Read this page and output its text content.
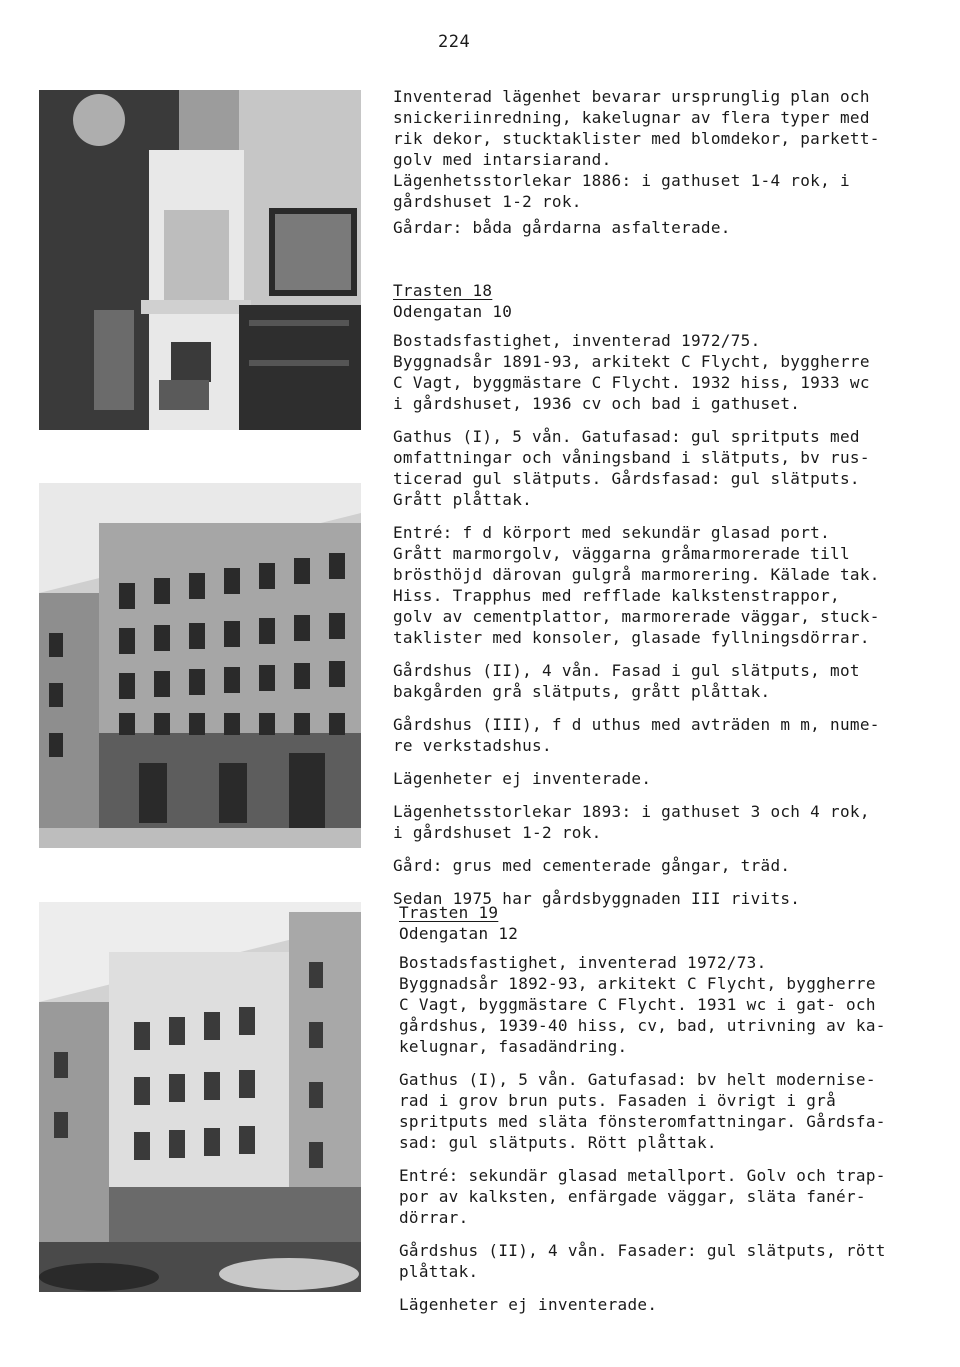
224

Inventerad lägenhet bevarar ursprunglig plan och

snickeriinredning, kakelugnar av flera typer med

rik dekor, stucktaklister med blomdekor, parkett-

golv med intarsiarand.

Lägenhetsstorlekar 1886: i gathuset 1-4 rok, i

gårdshuset 1-2 rok.

Gårdar: båda gårdarna asfalterade.

Trasten 18

Odengatan 10

Bostadsfastighet, inventerad 1972/75.

Byggnadsår 1891-93, arkitekt C Flycht, byggherre

C Vagt, byggmästare C Flycht. 1932 hiss, 1933 wc

i gårdshuset, 1936 cv och bad i gathuset.

Gathus (I), 5 vån. Gatufasad: gul spritputs med

omfattningar och våningsband i slätputs, bv rus-

ticerad gul slätputs. Gårdsfasad: gul slätputs.

Grått plåttak.

Entré: f d körport med sekundär glasad port.

Grått marmorgolv, väggarna gråmarmorerade till

brösthöjd därovan gulgrå marmorering. Kälade tak.

Hiss. Trapphus med refflade kalkstenstrappor,

golv av cementplattor, marmorerade väggar, stuck-

taklister med konsoler, glasade fyllningsdörrar.

Gårdshus (II), 4 vån. Fasad i gul slätputs, mot

bakgården grå slätputs, grått plåttak.

Gårdshus (III), f d uthus med avträden m m, nume-

re verkstadshus.

Lägenheter ej inventerade.

Lägenhetsstorlekar 1893: i gathuset 3 och 4 rok,

i gårdshuset 1-2 rok.

Gård: grus med cementerade gångar, träd.

Sedan 1975 har gårdsbyggnaden III rivits.

Trasten 19

Odengatan 12

Bostadsfastighet, inventerad 1972/73.

Byggnadsår 1892-93, arkitekt C Flycht, byggherre

C Vagt, byggmästare C Flycht. 1931 wc i gat- och

gårdshus, 1939-40 hiss, cv, bad, utrivning av ka-

kelugnar, fasadändring.

Gathus (I), 5 vån. Gatufasad: bv helt modernise-

rad i grov brun puts. Fasaden i övrigt i grå

spritputs med släta fönsteromfattningar. Gårdsfa-

sad: gul slätputs. Rött plåttak.

Entré: sekundär glasad metallport. Golv och trap-

por av kalksten, enfärgade väggar, släta fanér-

dörrar.

Gårdshus (II), 4 vån. Fasader: gul slätputs, rött

plåttak.

Lägenheter ej inventerade.
